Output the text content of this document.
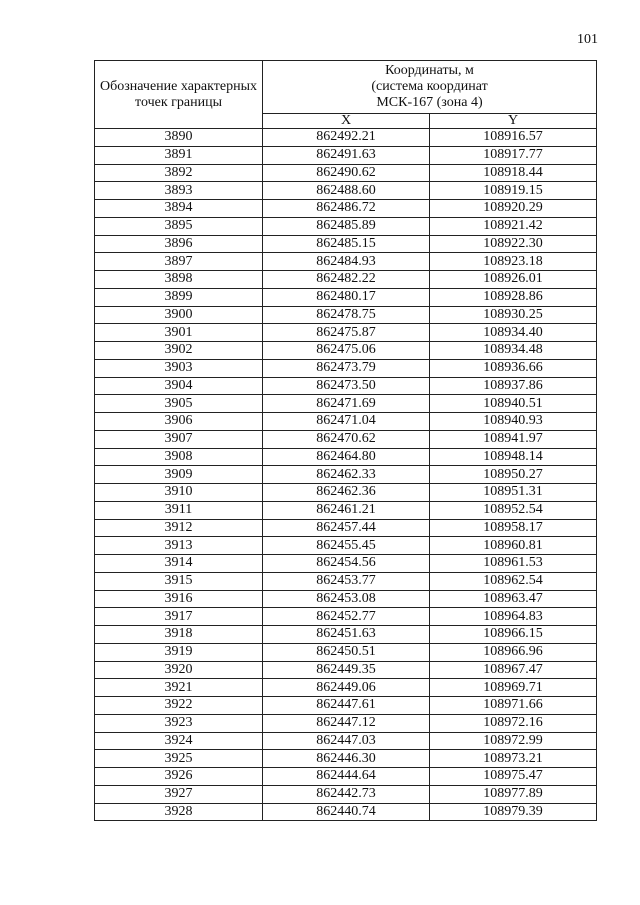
101
Обозначение характерных точек границы	Координаты, м
(система координат
МСК-167 (зона 4)	

	X	Y
3890	862492.21	108916.57
3891	862491.63	108917.77
3892	862490.62	108918.44
3893	862488.60	108919.15
3894	862486.72	108920.29
3895	862485.89	108921.42
3896	862485.15	108922.30
3897	862484.93	108923.18
3898	862482.22	108926.01
3899	862480.17	108928.86
3900	862478.75	108930.25
3901	862475.87	108934.40
3902	862475.06	108934.48
3903	862473.79	108936.66
3904	862473.50	108937.86
3905	862471.69	108940.51
3906	862471.04	108940.93
3907	862470.62	108941.97
3908	862464.80	108948.14
3909	862462.33	108950.27
3910	862462.36	108951.31
3911	862461.21	108952.54
3912	862457.44	108958.17
3913	862455.45	108960.81
3914	862454.56	108961.53
3915	862453.77	108962.54
3916	862453.08	108963.47
3917	862452.77	108964.83
3918	862451.63	108966.15
3919	862450.51	108966.96
3920	862449.35	108967.47
3921	862449.06	108969.71
3922	862447.61	108971.66
3923	862447.12	108972.16
3924	862447.03	108972.99
3925	862446.30	108973.21
3926	862444.64	108975.47
3927	862442.73	108977.89
3928	862440.74	108979.39
